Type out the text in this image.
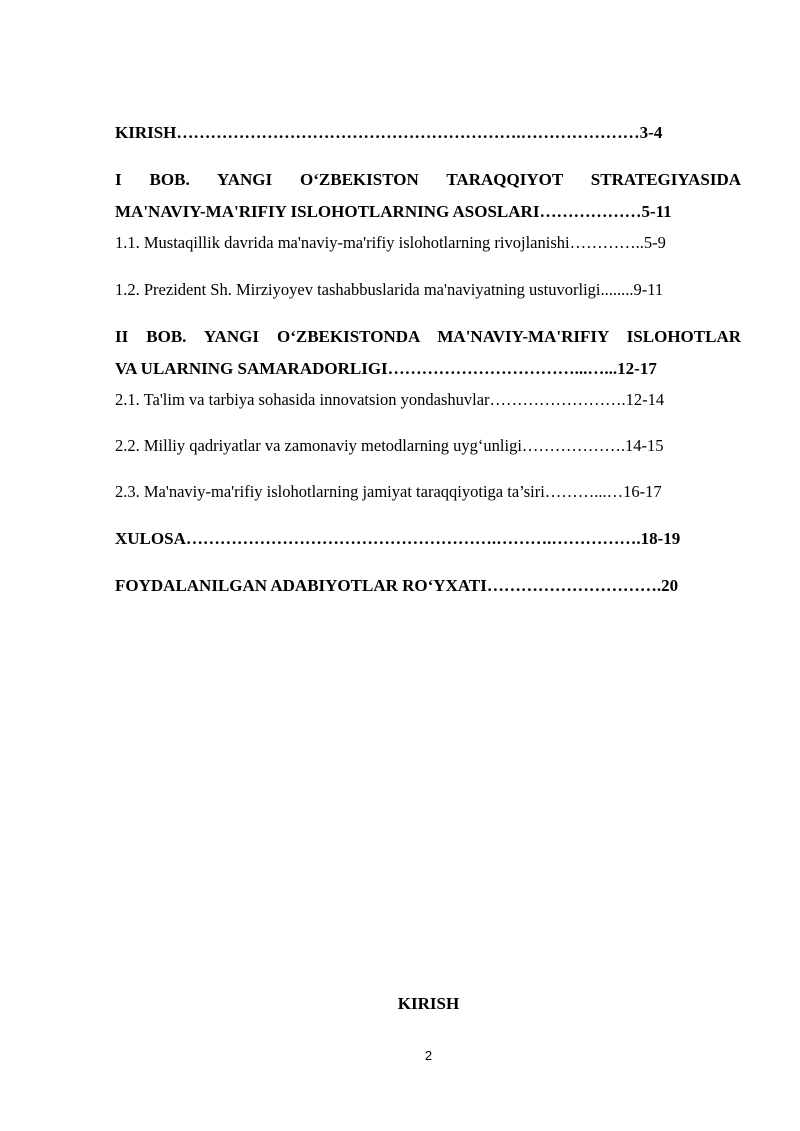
KIRISH…………………………………………………….…………………3-4
I BOB. YANGI O‘ZBEKISTON TARAQQIYOT STRATEGIYASIDA
MA'NAVIY-MA'RIFIY ISLOHOTLARNING ASOSLARI………………5-11
1.1. Mustaqillik davrida ma'naviy-ma'rifiy islohotlarning rivojlanishi…………..5-9
1.2. Prezident Sh. Mirziyoyev tashabbuslarida ma'naviyatning ustuvorligi........9-11
II BOB. YANGI O‘ZBEKISTONDA MA'NAVIY-MA'RIFIY ISLOHOTLAR
VA ULARNING SAMARADORLIGI……………………………...…...12-17
2.1. Ta'lim va tarbiya sohasida innovatsion yondashuvlar…………………….12-14
2.2. Milliy qadriyatlar va zamonaviy metodlarning uyg‘unligi……………….14-15
2.3. Ma'naviy-ma'rifiy islohotlarning jamiyat taraqqiyotiga ta’siri………...…16-17
XULOSA……………………………………………….……….…………….18-19
FOYDALANILGAN ADABIYOTLAR RO‘YXATI………………………….20
KIRISH
2
